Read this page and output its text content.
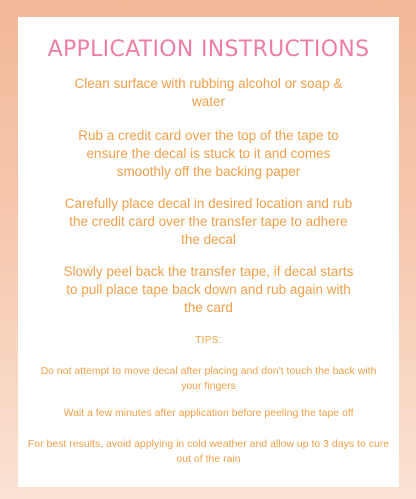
APPLICATION INSTRUCTIONS

Clean surface with rubbing alcohol or soap & water

Rub a credit card over the top of the tape to ensure the decal is stuck to it and comes smoothly off the backing paper

Carefully place decal in desired location and rub the credit card over the transfer tape to adhere the decal

Slowly peel back the transfer tape, if decal starts to pull place tape back down and rub again with the card

TIPS:

Do not attempt to move decal after placing and don't touch the back with your fingers

Wait a few minutes after application before peeling the tape off

For best results, avoid applying in cold weather and allow up to 3 days to cure out of the rain
